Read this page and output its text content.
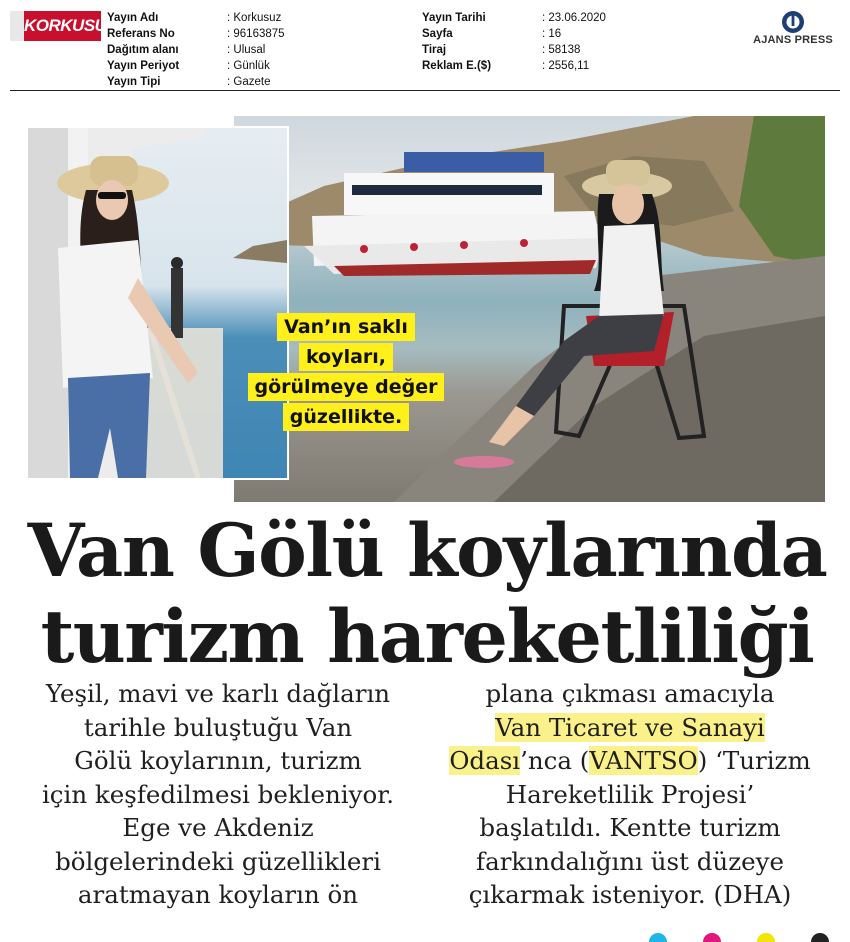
KORKUSUZ
Yayın Adı	: Korkusuz
Referans No	: 96163875
Dağıtım alanı	: Ulusal
Yayın Periyot	: Günlük
Yayın Tipi	: Gazete
Yayın Tarihi	: 23.06.2020
Sayfa	: 16
Tiraj	: 58138
Reklam E.($)	: 2556,11
AJANS PRESS
Van’ın saklı
koyları,
görülmeye değer
güzellikte.
Van Gölü koylarında
turizm hareketliliği
Yeşil, mavi ve karlı dağların
tarihle buluştuğu Van
Gölü koylarının, turizm
için keşfedilmesi bekleniyor.
Ege ve Akdeniz
bölgelerindeki güzellikleri
aratmayan koyların ön
plana çıkması amacıyla
Van Ticaret ve Sanayi
Odası’nca (VANTSO) ‘Turizm
Hareketlilik Projesi’
başlatıldı. Kentte turizm
farkındalığını üst düzeye
çıkarmak isteniyor. (DHA)
